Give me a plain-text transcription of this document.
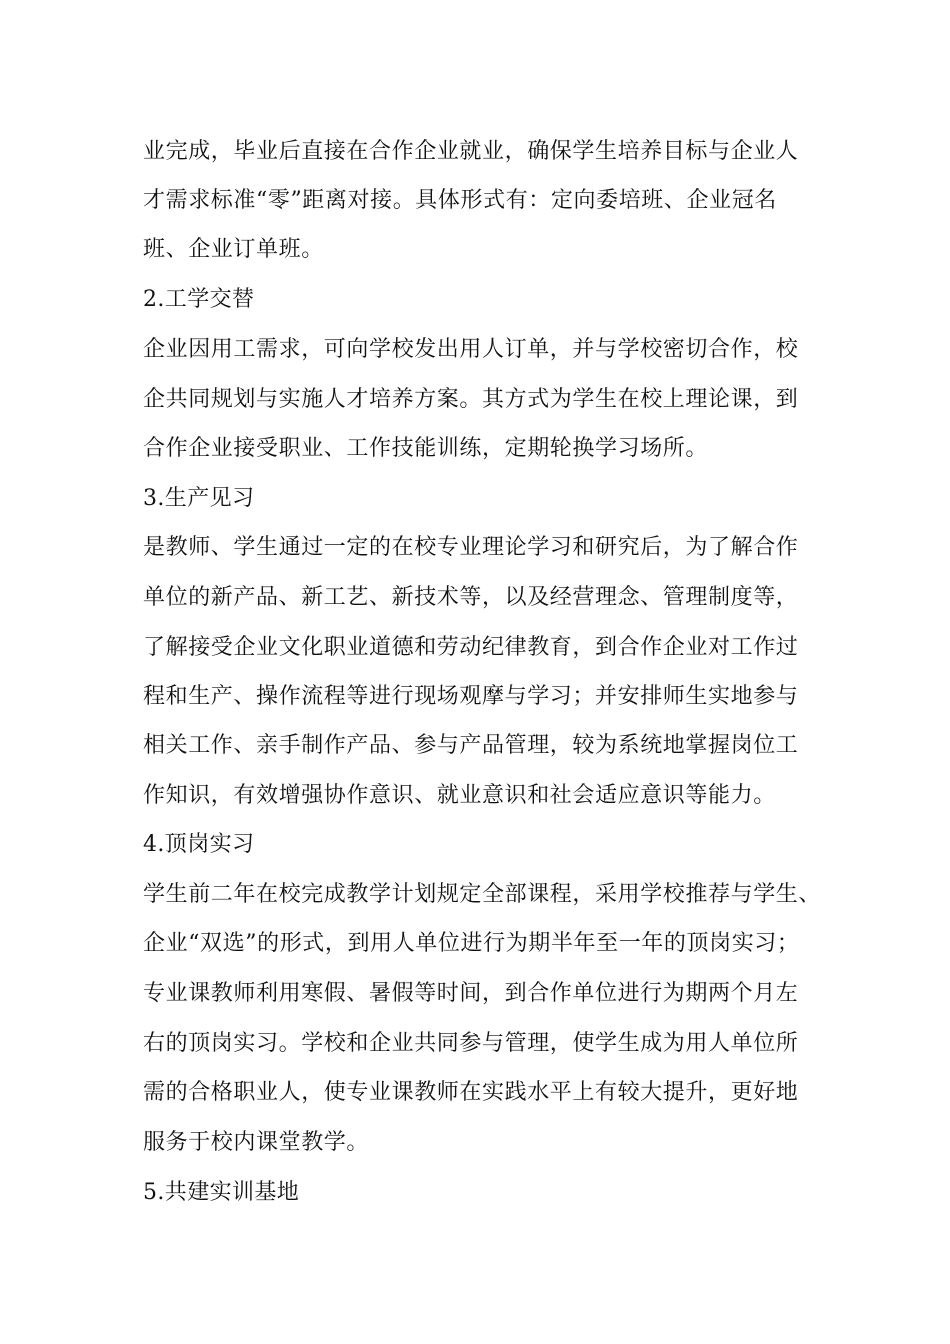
业完成，毕业后直接在合作企业就业，确保学生培养目标与企业人
才需求标准“零”距离对接。具体形式有：定向委培班、企业冠名
班、企业订单班。
2.工学交替
企业因用工需求，可向学校发出用人订单，并与学校密切合作，校
企共同规划与实施人才培养方案。其方式为学生在校上理论课，到
合作企业接受职业、工作技能训练，定期轮换学习场所。
3.生产见习
是教师、学生通过一定的在校专业理论学习和研究后，为了解合作
单位的新产品、新工艺、新技术等，以及经营理念、管理制度等，
了解接受企业文化职业道德和劳动纪律教育，到合作企业对工作过
程和生产、操作流程等进行现场观摩与学习；并安排师生实地参与
相关工作、亲手制作产品、参与产品管理，较为系统地掌握岗位工
作知识，有效增强协作意识、就业意识和社会适应意识等能力。
4.顶岗实习
学生前二年在校完成教学计划规定全部课程，采用学校推荐与学生、
企业“双选”的形式，到用人单位进行为期半年至一年的顶岗实习；
专业课教师利用寒假、暑假等时间，到合作单位进行为期两个月左
右的顶岗实习。学校和企业共同参与管理，使学生成为用人单位所
需的合格职业人，使专业课教师在实践水平上有较大提升，更好地
服务于校内课堂教学。
5.共建实训基地
